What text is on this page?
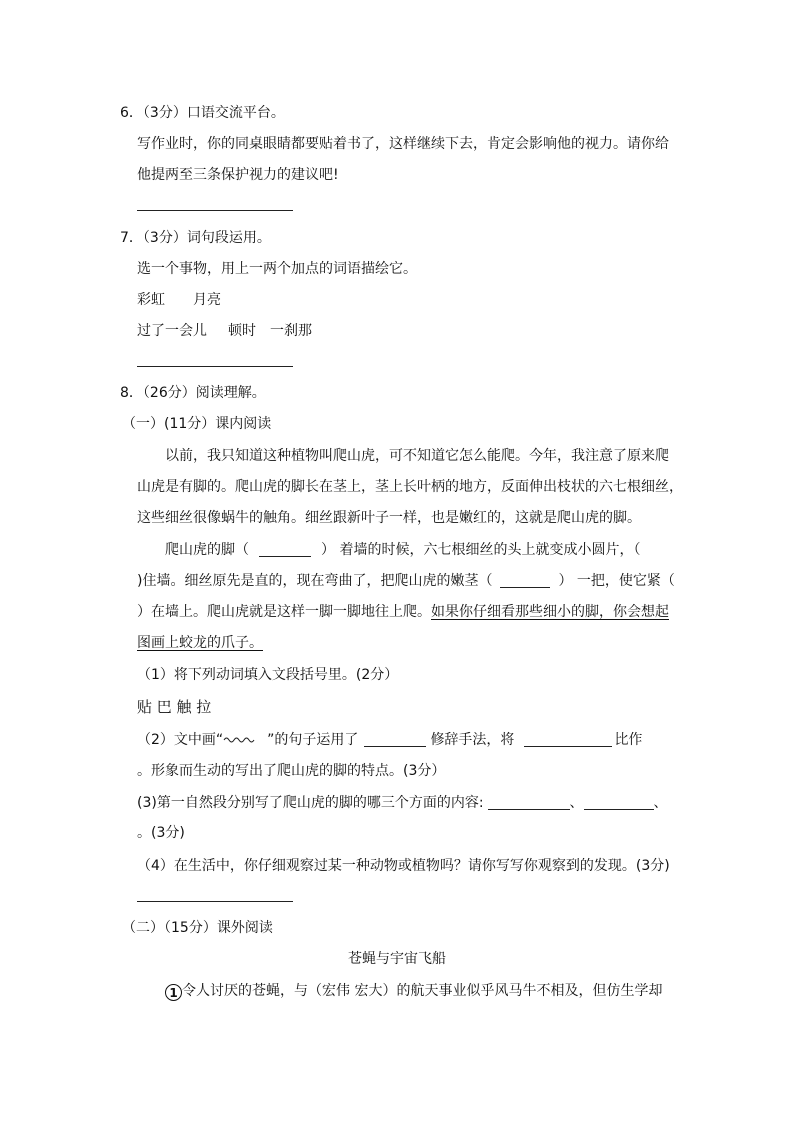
6．（3分）口语交流平台。
写作业时，你的同桌眼睛都要贴着书了，这样继续下去，肯定会影响他的视力。请你给
他提两至三条保护视力的建议吧!
7．（3分）词句段运用。
选一个事物，用上一两个加点的词语描绘它。
彩虹 月亮
过了一会儿 顿时 一刹那
8．（26分）阅读理解。
（一）(11分）课内阅读
以前，我只知道这种植物叫爬山虎，可不知道它怎么能爬。今年，我注意了原来爬
山虎是有脚的。爬山虎的脚长在茎上，茎上长叶柄的地方，反面伸出枝状的六七根细丝，
这些细丝很像蜗牛的触角。细丝跟新叶子一样，也是嫩红的，这就是爬山虎的脚。
爬山虎的脚（	） 着墙的时候，六七根细丝的头上就变成小圆片，（
)住墙。细丝原先是直的，现在弯曲了，把爬山虎的嫩茎（	） 一把，使它紧（
）在墙上。爬山虎就是这样一脚一脚地往上爬。如果你仔细看那些细小的脚，你会想起
图画上蛟龙的爪子。
（1）将下列动词填入文段括号里。(2分）
贴 巴 触 拉
（2）文中画“	”的句子运用了	修辞手法，将	比作
。形象而生动的写出了爬山虎的脚的特点。(3分）
(3)第一自然段分别写了爬山虎的脚的哪三个方面的内容:	、	、
。(3分)
（4）在生活中，你仔细观察过某一种动物或植物吗？请你写写你观察到的发现。(3分)
（二）（15分）课外阅读
苍蝇与宇宙飞船
1 令人讨厌的苍蝇，与（宏伟 宏大）的航天事业似乎风马牛不相及，但仿生学却
